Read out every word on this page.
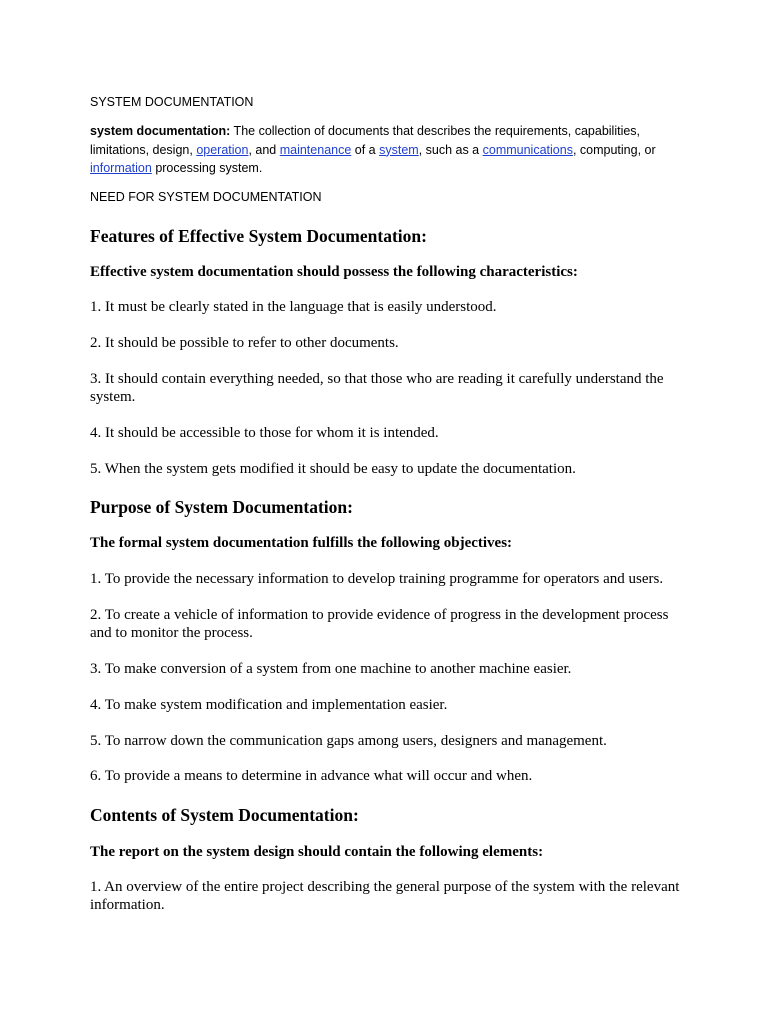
SYSTEM DOCUMENTATION

system documentation: The collection of documents that describes the requirements, capabilities, limitations, design, operation, and maintenance of a system, such as a communications, computing, or information processing system.

NEED FOR SYSTEM DOCUMENTATION

Features of Effective System Documentation:

Effective system documentation should possess the following characteristics:

1. It must be clearly stated in the language that is easily understood.

2. It should be possible to refer to other documents.

3. It should contain everything needed, so that those who are reading it carefully understand the system.

4. It should be accessible to those for whom it is intended.

5. When the system gets modified it should be easy to update the documentation.

Purpose of System Documentation:

The formal system documentation fulfills the following objectives:

1. To provide the necessary information to develop training programme for operators and users.

2. To create a vehicle of information to provide evidence of progress in the development process and to monitor the process.

3. To make conversion of a system from one machine to another machine easier.

4. To make system modification and implementation easier.

5. To narrow down the communication gaps among users, designers and management.

6. To provide a means to determine in advance what will occur and when.

Contents of System Documentation:

The report on the system design should contain the following elements:

1. An overview of the entire project describing the general purpose of the system with the relevant information.
